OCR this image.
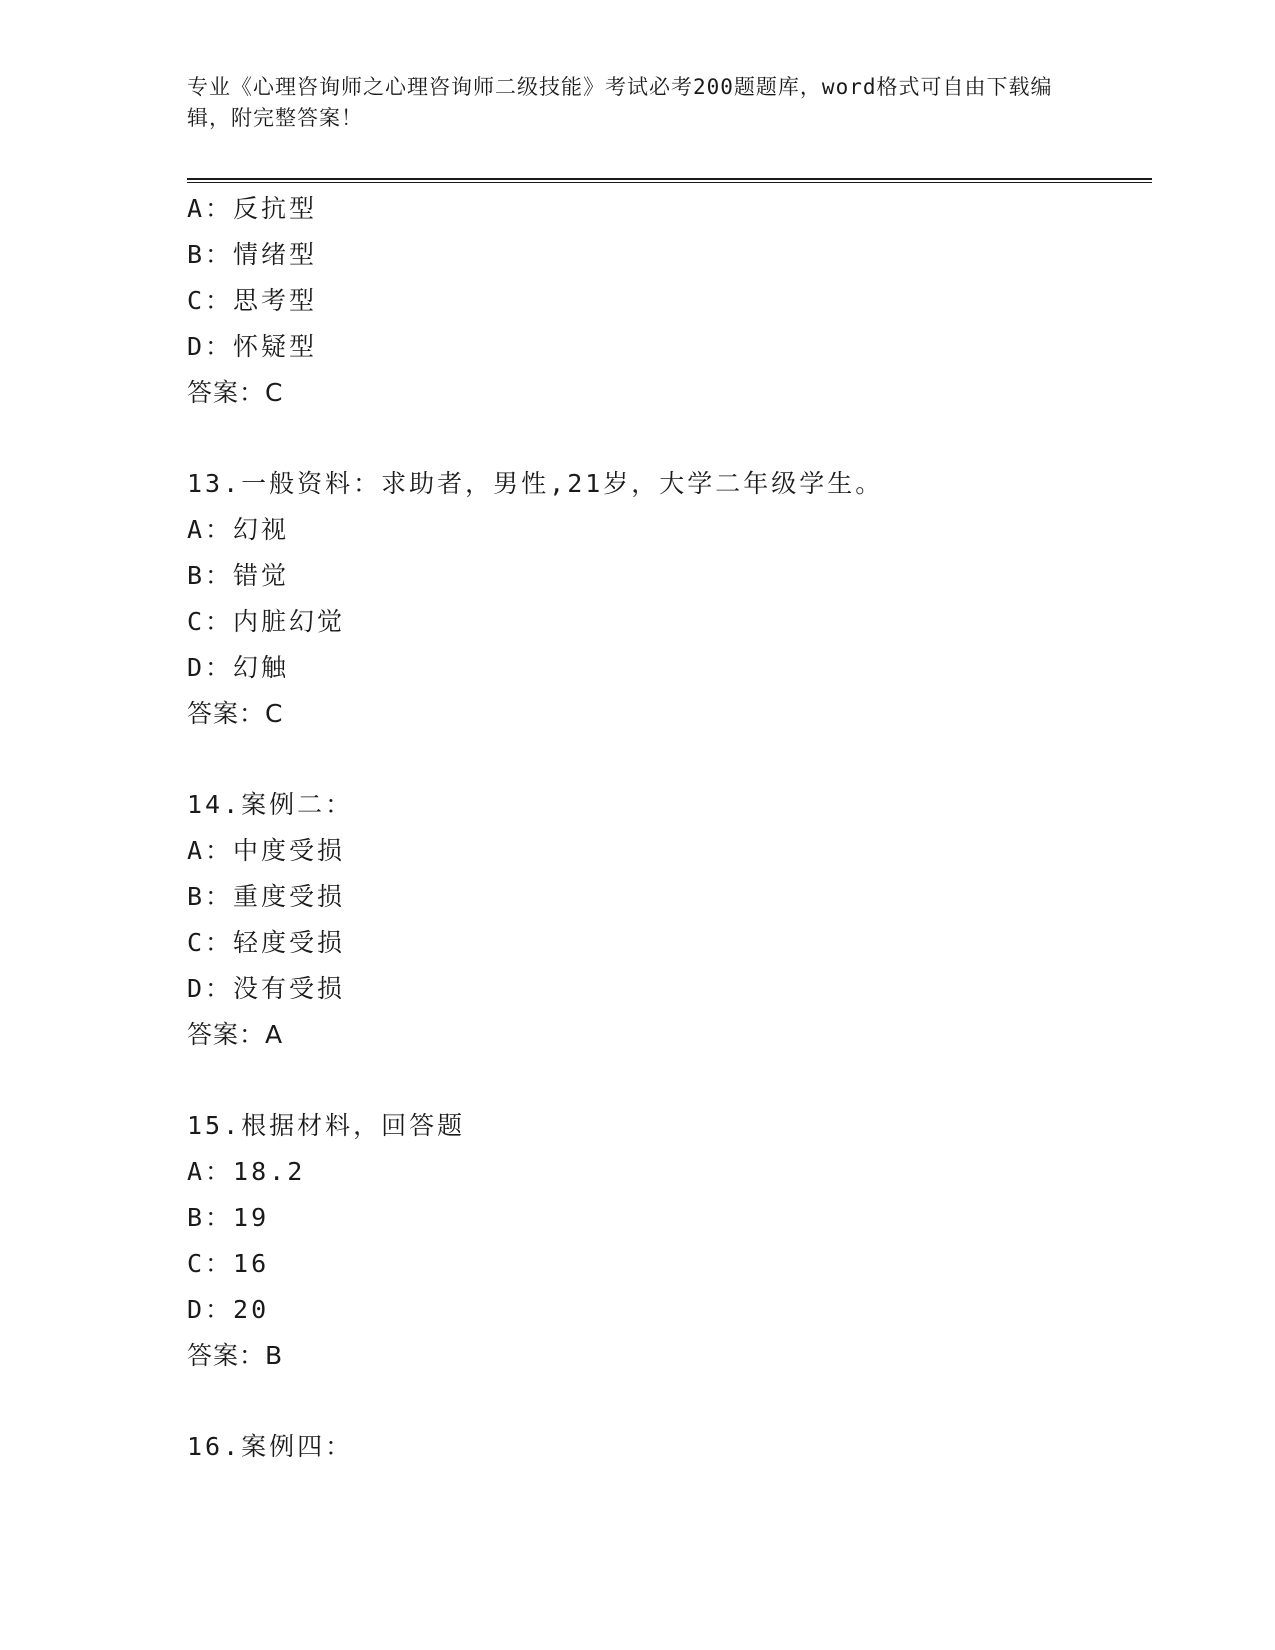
专业《心理咨询师之心理咨询师二级技能》考试必考200题题库，word格式可自由下载编辑，附完整答案！
A：反抗型
B：情绪型
C：思考型
D：怀疑型
答案：C
13.一般资料：求助者，男性,21岁，大学二年级学生。
A：幻视
B：错觉
C：内脏幻觉
D：幻触
答案：C
14.案例二：
A：中度受损
B：重度受损
C：轻度受损
D：没有受损
答案：A
15.根据材料，回答题
A：18.2
B：19
C：16
D：20
答案：B
16.案例四：
